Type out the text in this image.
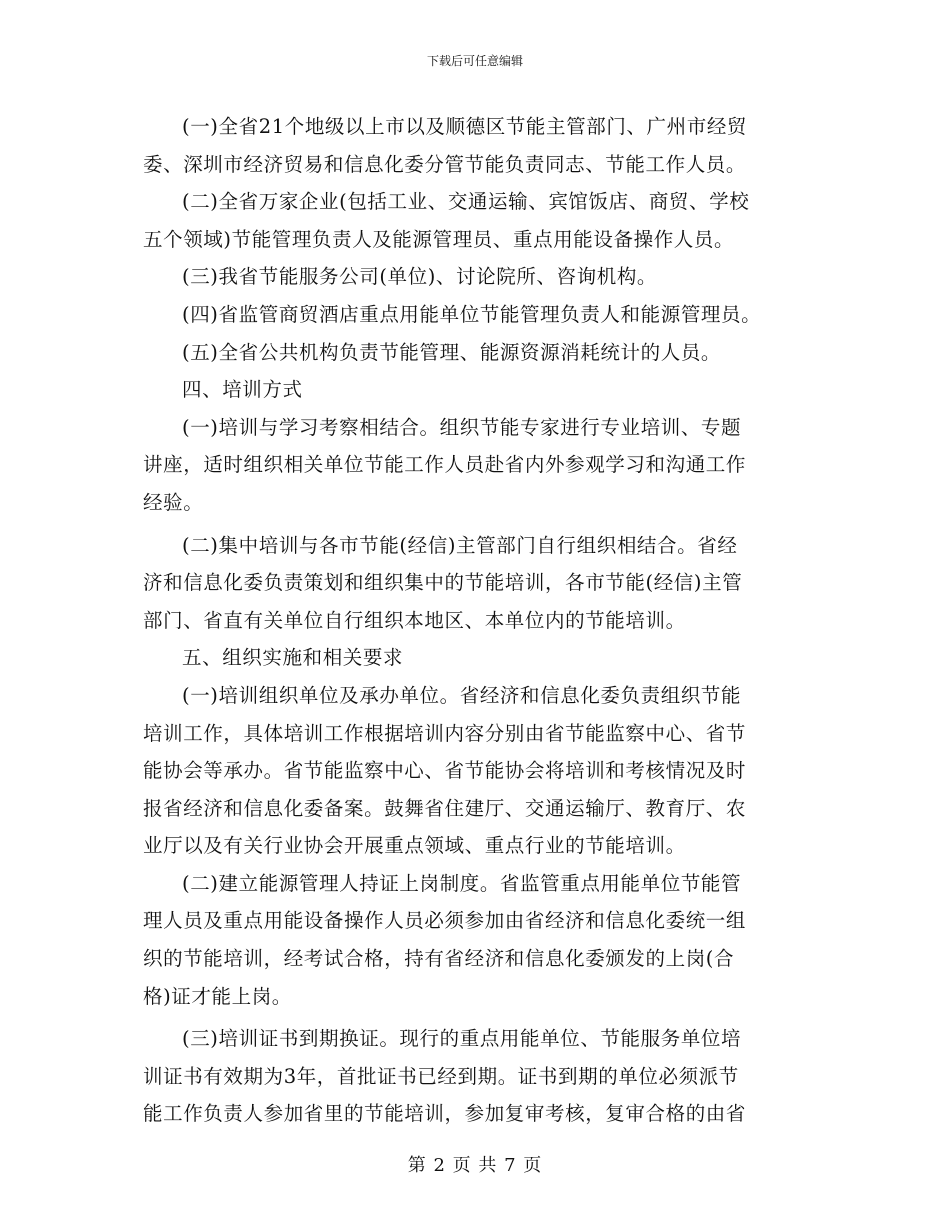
下载后可任意编辑

(一)全省21个地级以上市以及顺德区节能主管部门、广州市经贸
委、深圳市经济贸易和信息化委分管节能负责同志、节能工作人员。

(二)全省万家企业(包括工业、交通运输、宾馆饭店、商贸、学校
五个领域)节能管理负责人及能源管理员、重点用能设备操作人员。

(三)我省节能服务公司(单位)、讨论院所、咨询机构。

(四)省监管商贸酒店重点用能单位节能管理负责人和能源管理员。

(五)全省公共机构负责节能管理、能源资源消耗统计的人员。

四、培训方式

(一)培训与学习考察相结合。组织节能专家进行专业培训、专题
讲座，适时组织相关单位节能工作人员赴省内外参观学习和沟通工作
经验。

(二)集中培训与各市节能(经信)主管部门自行组织相结合。省经
济和信息化委负责策划和组织集中的节能培训，各市节能(经信)主管
部门、省直有关单位自行组织本地区、本单位内的节能培训。

五、组织实施和相关要求

(一)培训组织单位及承办单位。省经济和信息化委负责组织节能
培训工作，具体培训工作根据培训内容分别由省节能监察中心、省节
能协会等承办。省节能监察中心、省节能协会将培训和考核情况及时
报省经济和信息化委备案。鼓舞省住建厅、交通运输厅、教育厅、农
业厅以及有关行业协会开展重点领域、重点行业的节能培训。

(二)建立能源管理人持证上岗制度。省监管重点用能单位节能管
理人员及重点用能设备操作人员必须参加由省经济和信息化委统一组
织的节能培训，经考试合格，持有省经济和信息化委颁发的上岗(合
格)证才能上岗。

(三)培训证书到期换证。现行的重点用能单位、节能服务单位培
训证书有效期为3年，首批证书已经到期。证书到期的单位必须派节
能工作负责人参加省里的节能培训，参加复审考核，复审合格的由省

第 2 页 共 7 页
